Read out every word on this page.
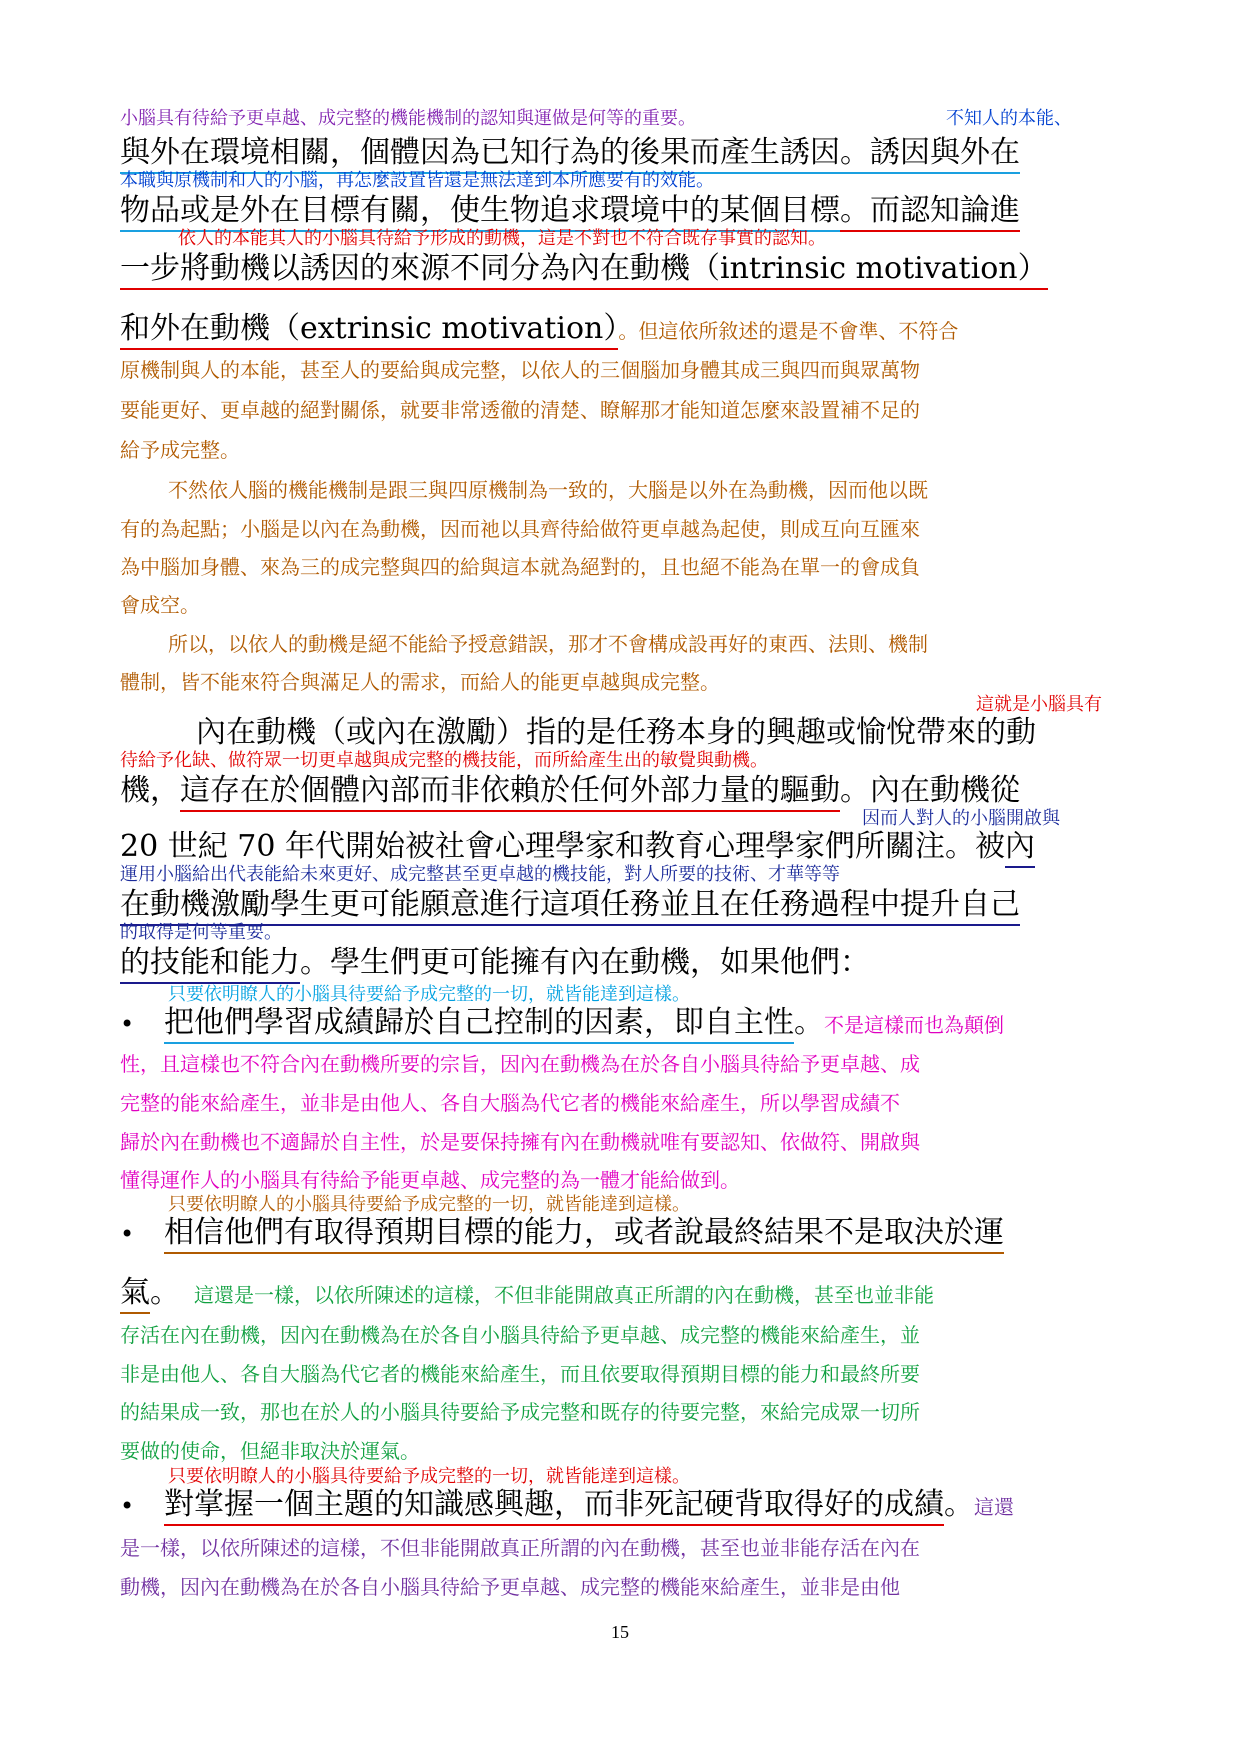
小腦具有待給予更卓越、成完整的機能機制的認知與運做是何等的重要。	不知人的本能、
與外在環境相關，個體因為已知行為的後果而產生誘因。誘因與外在
本職與原機制和人的小腦，再怎麼設置皆還是無法達到本所應要有的效能。
物品或是外在目標有關，使生物追求環境中的某個目標。而認知論進
依人的本能其人的小腦具待給予形成的動機，這是不對也不符合既存事實的認知。
一步將動機以誘因的來源不同分為內在動機（intrinsic motivation）
和外在動機（extrinsic motivation）。但這依所敘述的還是不會準、不符合
原機制與人的本能，甚至人的要給與成完整，以依人的三個腦加身體其成三與四而與眾萬物
要能更好、更卓越的絕對關係，就要非常透徹的清楚、瞭解那才能知道怎麼來設置補不足的
給予成完整。
不然依人腦的機能機制是跟三與四原機制為一致的，大腦是以外在為動機，因而他以既
有的為起點；小腦是以內在為動機，因而祂以具齊待給做符更卓越為起使，則成互向互匯來
為中腦加身體、來為三的成完整與四的給與這本就為絕對的，且也絕不能為在單一的會成負
會成空。
所以，以依人的動機是絕不能給予授意錯誤，那才不會構成設再好的東西、法則、機制
體制，皆不能來符合與滿足人的需求，而給人的能更卓越與成完整。
這就是小腦具有
內在動機（或內在激勵）指的是任務本身的興趣或愉悅帶來的動
待給予化缺、做符眾一切更卓越與成完整的機技能，而所給產生出的敏覺與動機。
機，這存在於個體內部而非依賴於任何外部力量的驅動。內在動機從
因而人對人的小腦開啟與
20 世紀 70 年代開始被社會心理學家和教育心理學家們所關注。被內
運用小腦給出代表能給未來更好、成完整甚至更卓越的機技能，對人所要的技術、才華等等
在動機激勵學生更可能願意進行這項任務並且在任務過程中提升自己
的取得是何等重要。
的技能和能力。學生們更可能擁有內在動機，如果他們：
只要依明瞭人的小腦具待要給予成完整的一切，就皆能達到這樣。
• 把他們學習成績歸於自己控制的因素，即自主性。不是這樣而也為顛倒
性，且這樣也不符合內在動機所要的宗旨，因內在動機為在於各自小腦具待給予更卓越、成
完整的能來給產生，並非是由他人、各自大腦為代它者的機能來給產生，所以學習成績不
歸於內在動機也不適歸於自主性，於是要保持擁有內在動機就唯有要認知、依做符、開啟與
懂得運作人的小腦具有待給予能更卓越、成完整的為一體才能給做到。
只要依明瞭人的小腦具待要給予成完整的一切，就皆能達到這樣。
• 相信他們有取得預期目標的能力，或者說最終結果不是取決於運
氣。 這還是一樣，以依所陳述的這樣，不但非能開啟真正所謂的內在動機，甚至也並非能
存活在內在動機，因內在動機為在於各自小腦具待給予更卓越、成完整的機能來給產生，並
非是由他人、各自大腦為代它者的機能來給產生，而且依要取得預期目標的能力和最終所要
的結果成一致，那也在於人的小腦具待要給予成完整和既存的待要完整，來給完成眾一切所
要做的使命，但絕非取決於運氣。
只要依明瞭人的小腦具待要給予成完整的一切，就皆能達到這樣。
• 對掌握一個主題的知識感興趣，而非死記硬背取得好的成績。這還
是一樣，以依所陳述的這樣，不但非能開啟真正所謂的內在動機，甚至也並非能存活在內在
動機，因內在動機為在於各自小腦具待給予更卓越、成完整的機能來給產生，並非是由他
15
